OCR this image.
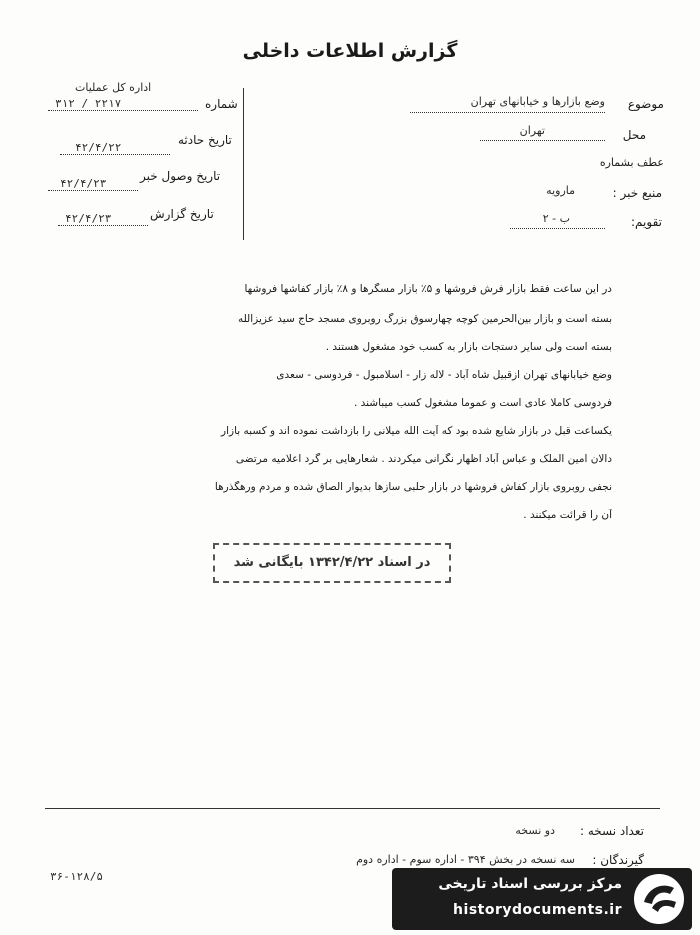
گزارش اطلاعات داخلی
موضوع
وضع بازارها و خیابانهای تهران
محل
تهران
عطف بشماره
منبع خبر :
مارویه
تقویم:
ب - ۲
اداره کل عملیات
شماره
۳۱۲ / ۲۲۱۷
تاریخ حادثه
۴۲/۴/۲۲
تاریخ وصول خبر
۴۲/۴/۲۳
تاریخ گزارش
۴۲/۴/۲۳
در این ساعت فقط بازار فرش فروشها و ۵٪ بازار مسگرها و ۸٪ بازار کفاشها فروشها
بسته است و بازار بین‌الحرمین کوچه چهارسوق بزرگ روبروی مسجد حاج سید عزیزالله
بسته است ولی سایر دستجات بازار به کسب خود مشغول هستند .
وضع خیابانهای تهران ازقبیل شاه آباد - لاله زار - اسلامبول - فردوسی - سعدی
فردوسی کاملا عادی است و عموما مشغول کسب میباشند .
یکساعت قبل در بازار شایع شده بود که آیت الله میلانی را بازداشت نموده اند و کسبه بازار
دالان امین الملک و عباس آباد اظهار نگرانی میکردند . شعارهایی بر گرد اعلامیه مرتضی
نجفی روبروی بازار کفاش فروشها در بازار حلبی سازها بدیوار الصاق شده و مردم ورهگذرها
آن را قرائت میکنند .
در اسناد ۱۳۴۲/۴/۲۲ بایگانی شد
تعداد نسخه :
دو نسخه
گیرندگان :
سه نسخه در بخش ۳۹۴ - اداره سوم - اداره دوم
۳۶-۱۲۸/۵	مرکز بررسی اسناد تاریخی
historydocuments.ir
